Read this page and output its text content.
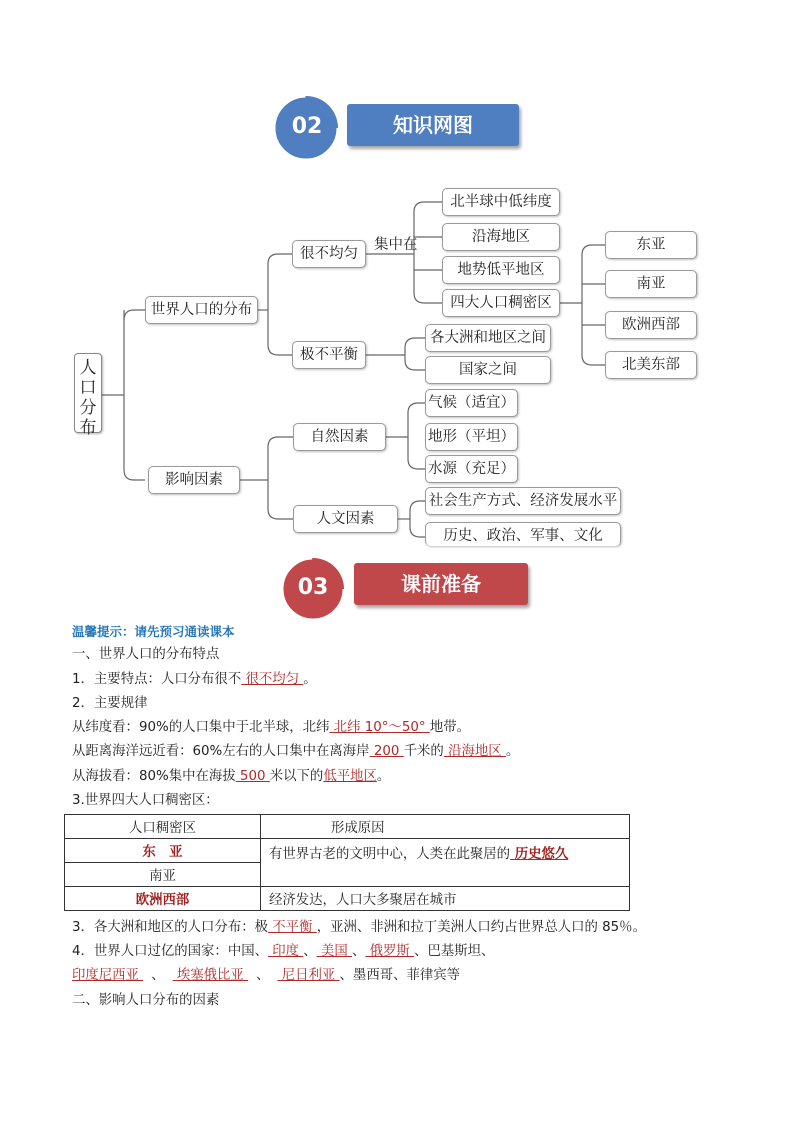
02	知识网图
人口分布
世界人口的分布
很不均匀
集中在
北半球中低纬度
沿海地区
地势低平地区
四大人口稠密区
东亚
南亚
欧洲西部
北美东部
极不平衡
各大洲和地区之间
国家之间
影响因素
自然因素
气候（适宜）
地形（平坦）
水源（充足）
人文因素
社会生产方式、经济发展水平
历史、政治、军事、文化
03	课前准备
温馨提示：请先预习通读课本
一、世界人口的分布特点
1．主要特点：人口分布很不 很不均匀 。
2．主要规律
从纬度看：90%的人口集中于北半球，北纬 北纬 10°～50° 地带。
从距离海洋远近看：60%左右的人口集中在离海岸 200 千米的 沿海地区 。
从海拔看：80%集中在海拔 500 米以下的低平地区。
3.世界四大人口稠密区：
人口稠密区	形成原因
东　亚	有世界古老的文明中心，人类在此聚居的 历史悠久
南亚	
欧洲西部	经济发达，人口大多聚居在城市
3．各大洲和地区的人口分布：极 不平衡 ，亚洲、非洲和拉丁美洲人口约占世界总人口的 85％。
4．世界人口过亿的国家：中国、 印度 、 美国 、 俄罗斯 、巴基斯坦、
印度尼西亚 、 埃塞俄比亚 、 尼日利亚 、墨西哥、菲律宾等
二、影响人口分布的因素
